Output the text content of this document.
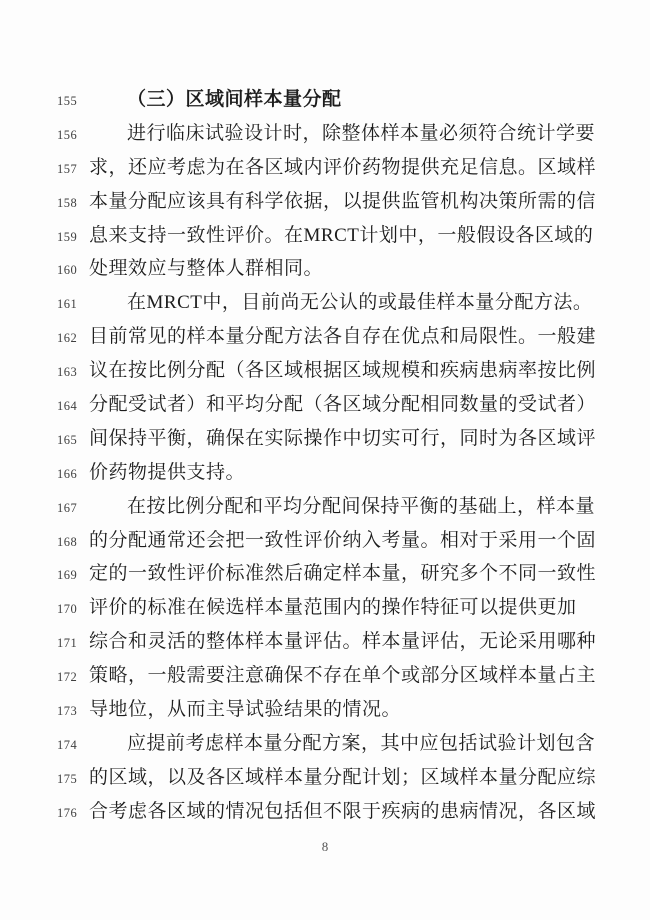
155	（三）区域间样本量分配
156	进行临床试验设计时，除整体样本量必须符合统计学要
157 求，还应考虑为在各区域内评价药物提供充足信息。区域样
158 本量分配应该具有科学依据，以提供监管机构决策所需的信
159 息来支持一致性评价。在MRCT计划中，一般假设各区域的
160 处理效应与整体人群相同。
161	在MRCT中，目前尚无公认的或最佳样本量分配方法。
162 目前常见的样本量分配方法各自存在优点和局限性。一般建
163 议在按比例分配（各区域根据区域规模和疾病患病率按比例
164 分配受试者）和平均分配（各区域分配相同数量的受试者）
165 间保持平衡，确保在实际操作中切实可行，同时为各区域评
166 价药物提供支持。
167	在按比例分配和平均分配间保持平衡的基础上，样本量
168 的分配通常还会把一致性评价纳入考量。相对于采用一个固
169 定的一致性评价标准然后确定样本量，研究多个不同一致性
170 评价的标准在候选样本量范围内的操作特征可以提供更加
171 综合和灵活的整体样本量评估。样本量评估，无论采用哪种
172 策略，一般需要注意确保不存在单个或部分区域样本量占主
173 导地位，从而主导试验结果的情况。
174	应提前考虑样本量分配方案，其中应包括试验计划包含
175 的区域，以及各区域样本量分配计划；区域样本量分配应综
176 合考虑各区域的情况包括但不限于疾病的患病情况，各区域
8
